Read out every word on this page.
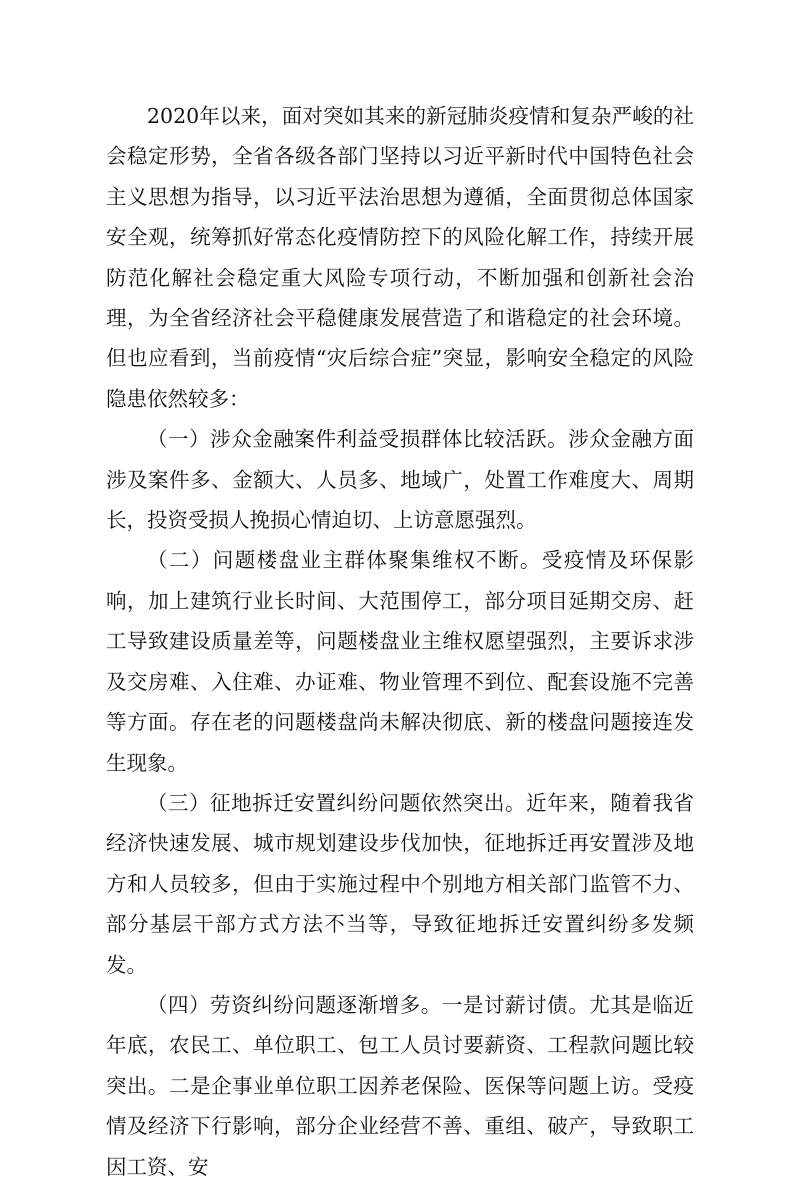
2020年以来，面对突如其来的新冠肺炎疫情和复杂严峻的社会稳定形势，全省各级各部门坚持以习近平新时代中国特色社会主义思想为指导，以习近平法治思想为遵循，全面贯彻总体国家安全观，统筹抓好常态化疫情防控下的风险化解工作，持续开展防范化解社会稳定重大风险专项行动，不断加强和创新社会治理，为全省经济社会平稳健康发展营造了和谐稳定的社会环境。但也应看到，当前疫情“灾后综合症”突显，影响安全稳定的风险隐患依然较多：

（一）涉众金融案件利益受损群体比较活跃。涉众金融方面涉及案件多、金额大、人员多、地域广，处置工作难度大、周期长，投资受损人挽损心情迫切、上访意愿强烈。

（二）问题楼盘业主群体聚集维权不断。受疫情及环保影响，加上建筑行业长时间、大范围停工，部分项目延期交房、赶工导致建设质量差等，问题楼盘业主维权愿望强烈，主要诉求涉及交房难、入住难、办证难、物业管理不到位、配套设施不完善等方面。存在老的问题楼盘尚未解决彻底、新的楼盘问题接连发生现象。

（三）征地拆迁安置纠纷问题依然突出。近年来，随着我省经济快速发展、城市规划建设步伐加快，征地拆迁再安置涉及地方和人员较多，但由于实施过程中个别地方相关部门监管不力、部分基层干部方式方法不当等，导致征地拆迁安置纠纷多发频发。

（四）劳资纠纷问题逐渐增多。一是讨薪讨债。尤其是临近年底，农民工、单位职工、包工人员讨要薪资、工程款问题比较突出。二是企事业单位职工因养老保险、医保等问题上访。受疫情及经济下行影响，部分企业经营不善、重组、破产，导致职工因工资、安
